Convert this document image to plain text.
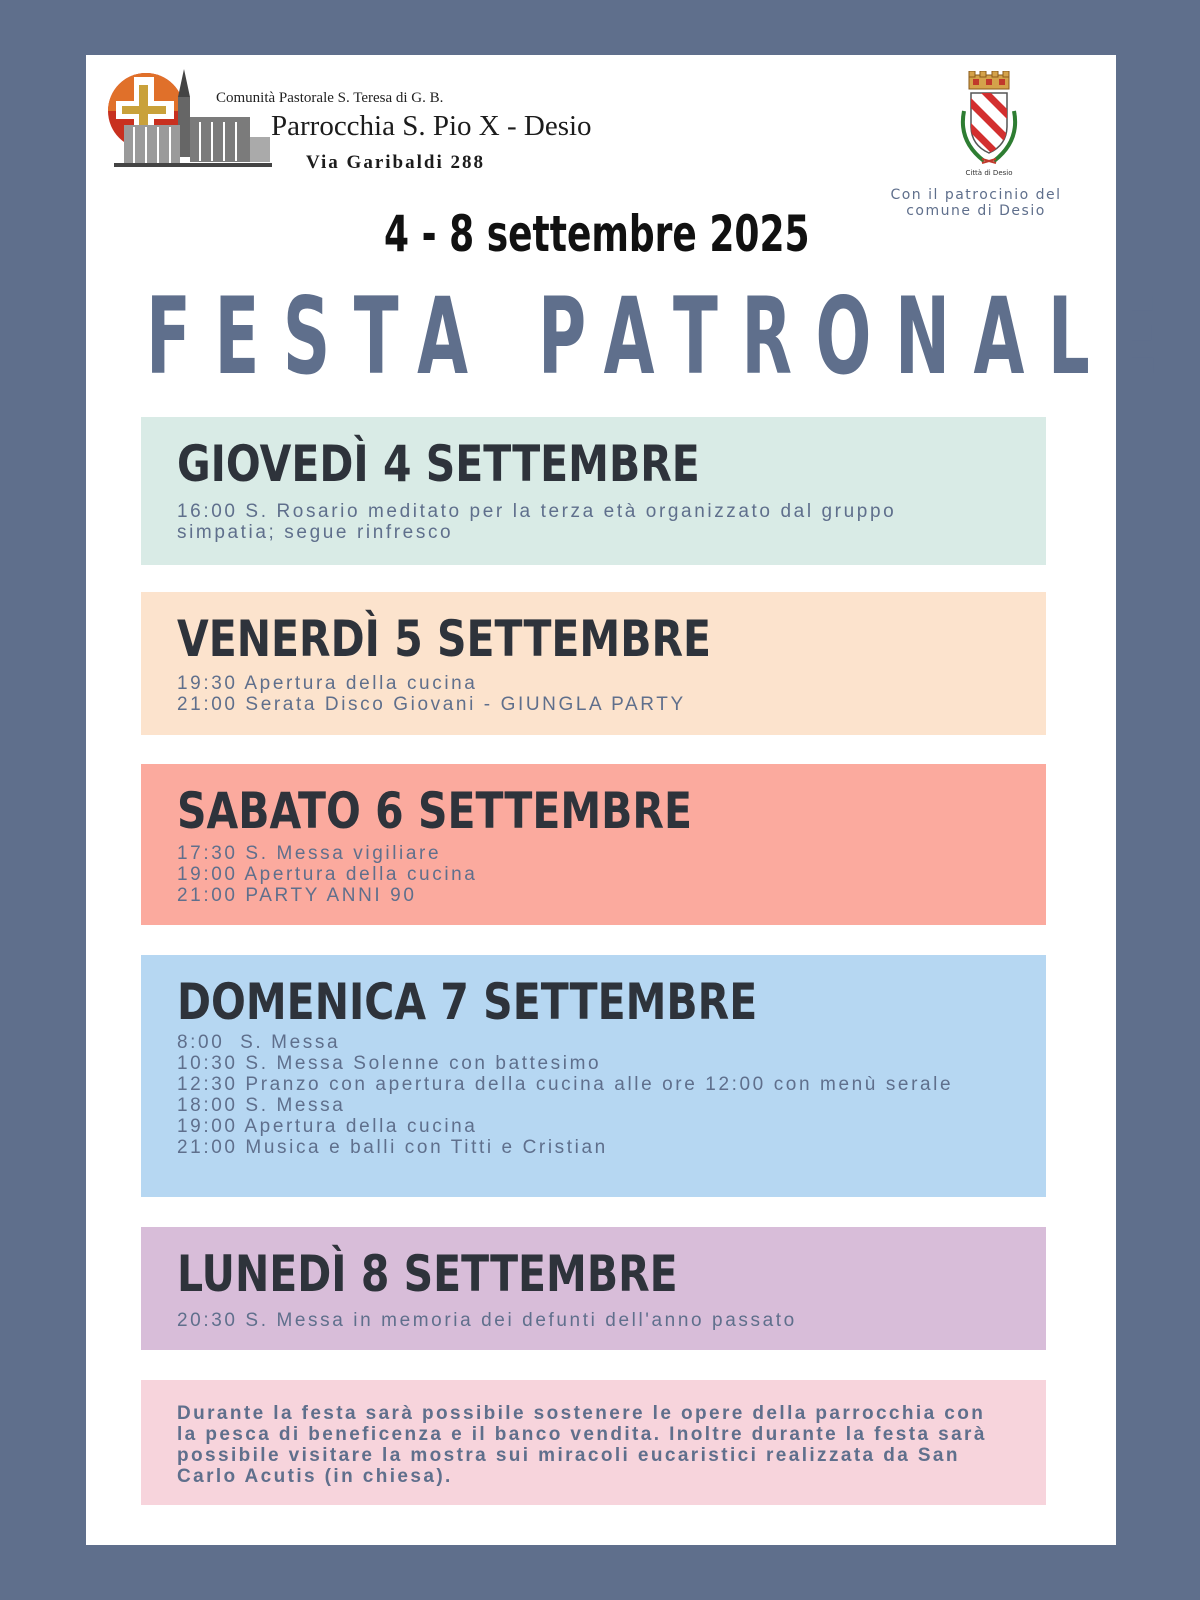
Comunità Pastorale S. Teresa di G. B.
Parrocchia S. Pio X - Desio
Via Garibaldi 288	Città di Desio
Con il patrocinio del comune di Desio
4 - 8 settembre 2025
FESTA PATRONALE
GIOVEDÌ 4 SETTEMBRE
16:00 S. Rosario meditato per la terza età organizzato dal gruppo simpatia; segue rinfresco
VENERDÌ 5 SETTEMBRE
19:30 Apertura della cucina
21:00 Serata Disco Giovani - GIUNGLA PARTY
SABATO 6 SETTEMBRE
17:30 S. Messa vigiliare
19:00 Apertura della cucina
21:00 PARTY ANNI 90
DOMENICA 7 SETTEMBRE
8:00  S. Messa
10:30 S. Messa Solenne con battesimo
12:30 Pranzo con apertura della cucina alle ore 12:00 con menù serale
18:00 S. Messa
19:00 Apertura della cucina
21:00 Musica e balli con Titti e Cristian
LUNEDÌ 8 SETTEMBRE
20:30 S. Messa in memoria dei defunti dell'anno passato
Durante la festa sarà possibile sostenere le opere della parrocchia con la pesca di beneficenza e il banco vendita. Inoltre durante la festa sarà possibile visitare la mostra sui miracoli eucaristici realizzata da San Carlo Acutis (in chiesa).
